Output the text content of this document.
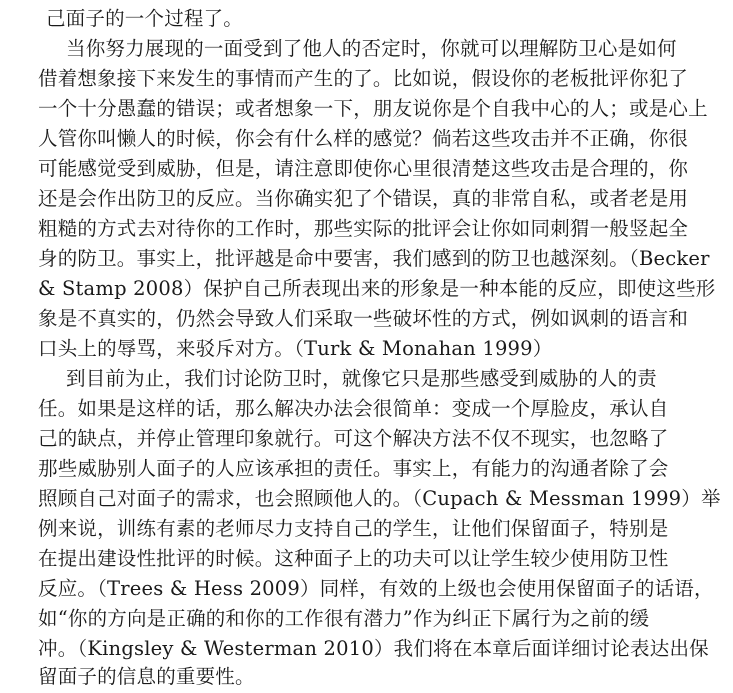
己面子的一个过程了。
当你努力展现的一面受到了他人的否定时，你就可以理解防卫心是如何
借着想象接下来发生的事情而产生的了。比如说，假设你的老板批评你犯了
一个十分愚蠢的错误；或者想象一下，朋友说你是个自我中心的人；或是心上
人管你叫懒人的时候，你会有什么样的感觉？倘若这些攻击并不正确，你很
可能感觉受到威胁，但是，请注意即使你心里很清楚这些攻击是合理的，你
还是会作出防卫的反应。当你确实犯了个错误，真的非常自私，或者老是用
粗糙的方式去对待你的工作时，那些实际的批评会让你如同刺猬一般竖起全
身的防卫。事实上，批评越是命中要害，我们感到的防卫也越深刻。（Becker
& Stamp 2008）保护自己所表现出来的形象是一种本能的反应，即使这些形
象是不真实的，仍然会导致人们采取一些破坏性的方式，例如讽刺的语言和
口头上的辱骂，来驳斥对方。（Turk & Monahan 1999）
到目前为止，我们讨论防卫时，就像它只是那些感受到威胁的人的责
任。如果是这样的话，那么解决办法会很简单：变成一个厚脸皮，承认自
己的缺点，并停止管理印象就行。可这个解决方法不仅不现实，也忽略了
那些威胁别人面子的人应该承担的责任。事实上，有能力的沟通者除了会
照顾自己对面子的需求，也会照顾他人的。（Cupach & Messman 1999）举
例来说，训练有素的老师尽力支持自己的学生，让他们保留面子，特别是
在提出建设性批评的时候。这种面子上的功夫可以让学生较少使用防卫性
反应。（Trees & Hess 2009）同样，有效的上级也会使用保留面子的话语，
如“你的方向是正确的和你的工作很有潜力”作为纠正下属行为之前的缓
冲。（Kingsley & Westerman 2010）我们将在本章后面详细讨论表达出保
留面子的信息的重要性。
